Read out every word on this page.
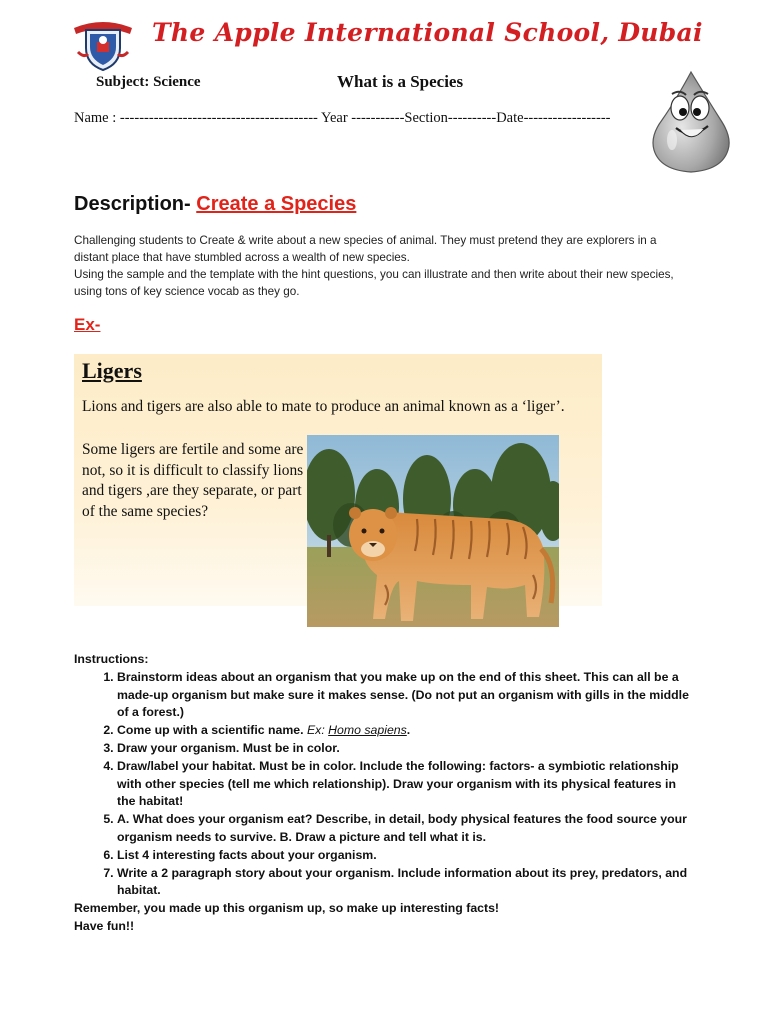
The Apple International School, Dubai
Subject: Science	What is a Species
Name : ----------------------------------------- Year -----------Section----------Date------------------
Description- Create a Species
Challenging students to Create & write about a new species of animal. They must pretend they are explorers in a distant place that have stumbled across a wealth of new species.
Using the sample and the template with the hint questions, you can illustrate and then write about their new species, using tons of key science vocab as they go.
Ex-
Ligers
Lions and tigers are also able to mate to produce an animal known as a ‘liger’.
Some ligers are fertile and some are not, so it is difficult to classify lions and tigers ,are they separate, or part of the same species?

Instructions:

1. Brainstorm ideas about an organism that you make up on the end of this sheet. This can all be a made-up organism but make sure it makes sense. (Do not put an organism with gills in the middle of a forest.)
2. Come up with a scientific name. Ex: Homo sapiens.
3. Draw your organism. Must be in color.
4. Draw/label your habitat. Must be in color. Include the following: factors- a symbiotic relationship with other species (tell me which relationship). Draw your organism with its physical features in the habitat!
5. A. What does your organism eat? Describe, in detail, body physical features the food source your organism needs to survive. B. Draw a picture and tell what it is.
6. List 4 interesting facts about your organism.
7. Write a 2 paragraph story about your organism. Include information about its prey, predators, and habitat.

Remember, you made up this organism up, so make up interesting facts!

Have fun!!
